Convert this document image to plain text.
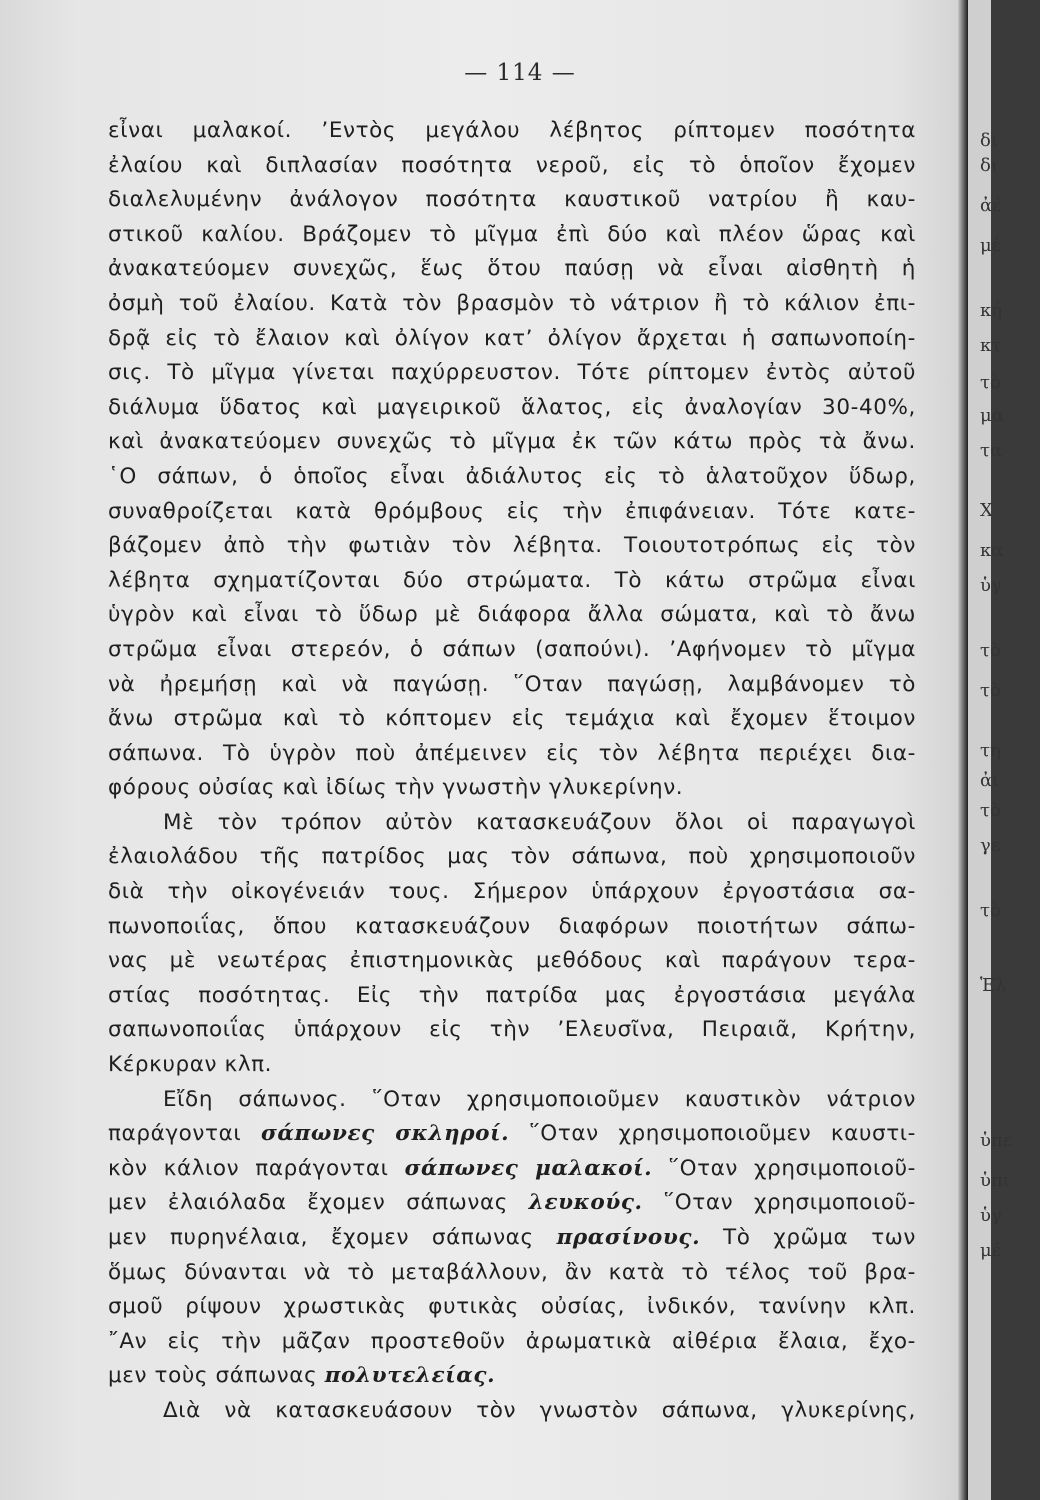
— 114 —
εἶναι μαλακοί. ’Εντὸς μεγάλου λέβητος ρίπτομεν ποσότητα
ἐλαίου καὶ διπλασίαν ποσότητα νεροῦ, εἰς τὸ ὁποῖον ἔχομεν
διαλελυμένην ἀνάλογον ποσότητα καυστικοῦ νατρίου ἢ καυ-
στικοῦ καλίου. Βράζομεν τὸ μῖγμα ἐπὶ δύο καὶ πλέον ὥρας καὶ
ἀνακατεύομεν συνεχῶς, ἕως ὅτου παύσῃ νὰ εἶναι αἰσθητὴ ἡ
ὀσμὴ τοῦ ἐλαίου. Κατὰ τὸν βρασμὸν τὸ νάτριον ἢ τὸ κάλιον ἐπι-
δρᾷ εἰς τὸ ἔλαιον καὶ ὀλίγον κατ’ ὀλίγον ἄρχεται ἡ σαπωνοποίη-
σις. Τὸ μῖγμα γίνεται παχύρρευστον. Τότε ρίπτομεν ἐντὸς αὐτοῦ
διάλυμα ὕδατος καὶ μαγειρικοῦ ἅλατος, εἰς ἀναλογίαν 30-40%,
καὶ ἀνακατεύομεν συνεχῶς τὸ μῖγμα ἐκ τῶν κάτω πρὸς τὰ ἄνω.
῾Ο σάπων, ὁ ὁποῖος εἶναι ἀδιάλυτος εἰς τὸ ἁλατοῦχον ὕδωρ,
συναθροίζεται κατὰ θρόμβους εἰς τὴν ἐπιφάνειαν. Τότε κατε-
βάζομεν ἀπὸ τὴν φωτιὰν τὸν λέβητα. Τοιουτοτρόπως εἰς τὸν
λέβητα σχηματίζονται δύο στρώματα. Τὸ κάτω στρῶμα εἶναι
ὑγρὸν καὶ εἶναι τὸ ὕδωρ μὲ διάφορα ἄλλα σώματα, καὶ τὸ ἄνω
στρῶμα εἶναι στερεόν, ὁ σάπων (σαπούνι). ’Αφήνομεν τὸ μῖγμα
νὰ ἠρεμήσῃ καὶ νὰ παγώσῃ. ῞Οταν παγώσῃ, λαμβάνομεν τὸ
ἄνω στρῶμα καὶ τὸ κόπτομεν εἰς τεμάχια καὶ ἔχομεν ἕτοιμον
σάπωνα. Τὸ ὑγρὸν ποὺ ἀπέμεινεν εἰς τὸν λέβητα περιέχει δια-
φόρους οὐσίας καὶ ἰδίως τὴν γνωστὴν γλυκερίνην.
Μὲ τὸν τρόπον αὐτὸν κατασκευάζουν ὅλοι οἱ παραγωγοὶ
ἐλαιολάδου τῆς πατρίδος μας τὸν σάπωνα, ποὺ χρησιμοποιοῦν
διὰ τὴν οἰκογένειάν τους. Σήμερον ὑπάρχουν ἐργοστάσια σα-
πωνοποιΐας, ὅπου κατασκευάζουν διαφόρων ποιοτήτων σάπω-
νας μὲ νεωτέρας ἐπιστημονικὰς μεθόδους καὶ παράγουν τερα-
στίας ποσότητας. Εἰς τὴν πατρίδα μας ἐργοστάσια μεγάλα
σαπωνοποιΐας ὑπάρχουν εἰς τὴν ’Ελευσῖνα, Πειραιᾶ, Κρήτην,
Κέρκυραν κλπ.
Εἴδη σάπωνος. ῞Οταν χρησιμοποιοῦμεν καυστικὸν νάτριον
παράγονται σάπωνες σκληροί. ῞Οταν χρησιμοποιοῦμεν καυστι-
κὸν κάλιον παράγονται σάπωνες μαλακοί. ῞Οταν χρησιμοποιοῦ-
μεν ἐλαιόλαδα ἔχομεν σάπωνας λευκούς. ῞Οταν χρησιμοποιοῦ-
μεν πυρηνέλαια, ἔχομεν σάπωνας πρασίνους. Τὸ χρῶμα των
ὅμως δύνανται νὰ τὸ μεταβάλλουν, ἂν κατὰ τὸ τέλος τοῦ βρα-
σμοῦ ρίψουν χρωστικὰς φυτικὰς οὐσίας, ἰνδικόν, τανίνην κλπ.
῎Αν εἰς τὴν μᾶζαν προστεθοῦν ἀρωματικὰ αἰθέρια ἔλαια, ἔχο-
μεν τοὺς σάπωνας πολυτελείας.
Διὰ νὰ κατασκευάσουν τὸν γνωστὸν σάπωνα, γλυκερίνης,
δι
δι
ἀέ
μέ
κή
κτ
τὸ
μα
τα
Χ
κα
ὑγ
τὸ
τὸ
τη
ἀι
τὸ
γε
τὸ
Ἑλ
ὑπε
ὑπι
ὑγ
μέ
